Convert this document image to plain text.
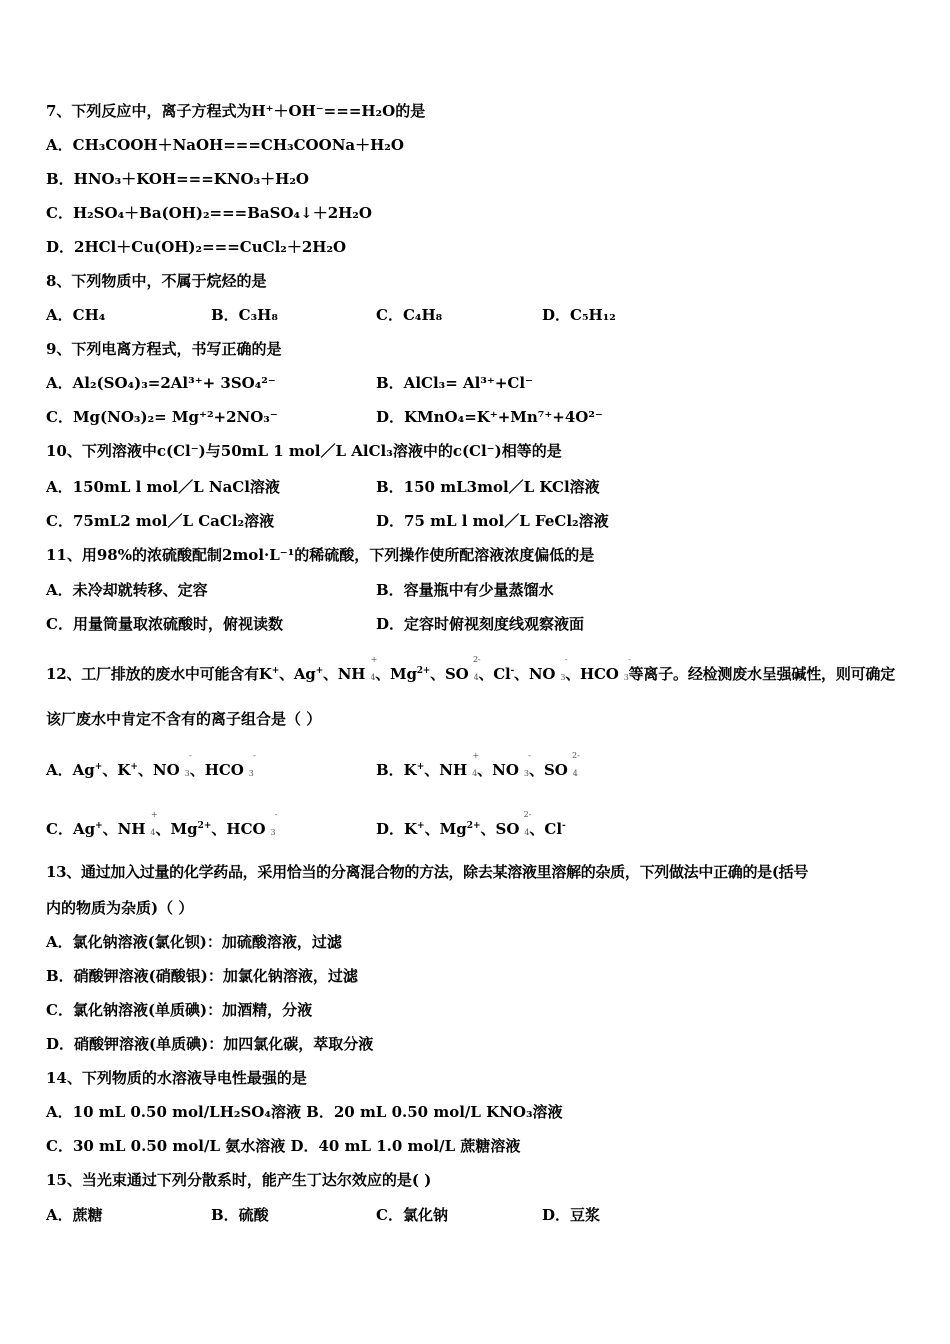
7、下列反应中，离子方程式为H⁺＋OH⁻===H₂O的是
A．CH₃COOH＋NaOH===CH₃COONa＋H₂O
B．HNO₃＋KOH===KNO₃＋H₂O
C．H₂SO₄＋Ba(OH)₂===BaSO₄↓＋2H₂O
D．2HCl＋Cu(OH)₂===CuCl₂＋2H₂O
8、下列物质中，不属于烷烃的是
A．CH₄	B．C₃H₈	C．C₄H₈	D．C₅H₁₂
9、下列电离方程式，书写正确的是
A．Al₂(SO₄)₃=2Al³⁺+ 3SO₄²⁻	B．AlCl₃= Al³⁺+Cl⁻
C．Mg(NO₃)₂= Mg⁺²+2NO₃⁻	D．KMnO₄=K⁺+Mn⁷⁺+4O²⁻
10、下列溶液中c(Cl⁻)与50mL 1 mol／L AlCl₃溶液中的c(Cl⁻)相等的是
A．150mL l mol／L NaCl溶液	B．150 mL3mol／L KCl溶液
C．75mL2 mol／L CaCl₂溶液	D．75 mL l mol／L FeCl₂溶液
11、用98%的浓硫酸配制2mol·L⁻¹的稀硫酸，下列操作使所配溶液浓度偏低的是
A．未冷却就转移、定容	B．容量瓶中有少量蒸馏水
C．用量筒量取浓硫酸时，俯视读数	D．定容时俯视刻度线观察液面
12、工厂排放的废水中可能含有K+、Ag+、NH
+
4 、$Mg^{2+}$、SO
2-
4 、Cl-、NO
-
3 、HCO
-
3 等离子。经检测废水呈强碱性，则可确定
该厂废水中肯定不含有的离子组合是（ ）
A．Ag+、K+、NO
-
3 、HCO
-
3	B．K+、NH
+
4 、NO
-
3 、SO
2-
4
C．Ag+、NH
+
4 、$Mg^{2+}$、HCO
-
3	D．K+、$Mg^{2+}$、SO
2-
4 、Cl-
13、通过加入过量的化学药品，采用恰当的分离混合物的方法，除去某溶液里溶解的杂质，下列做法中正确的是(括号
内的物质为杂质)（ ）
A．氯化钠溶液(氯化钡)：加硫酸溶液，过滤
B．硝酸钾溶液(硝酸银)：加氯化钠溶液，过滤
C．氯化钠溶液(单质碘)：加酒精，分液
D．硝酸钾溶液(单质碘)：加四氯化碳，萃取分液
14、下列物质的水溶液导电性最强的是
A．10 mL 0.50 mol/LH₂SO₄溶液 B．20 mL 0.50 mol/L KNO₃溶液
C．30 mL 0.50 mol/L 氨水溶液 D．40 mL 1.0 mol/L 蔗糖溶液
15、当光束通过下列分散系时，能产生丁达尔效应的是( )
A．蔗糖	B．硫酸	C．氯化钠	D．豆浆
